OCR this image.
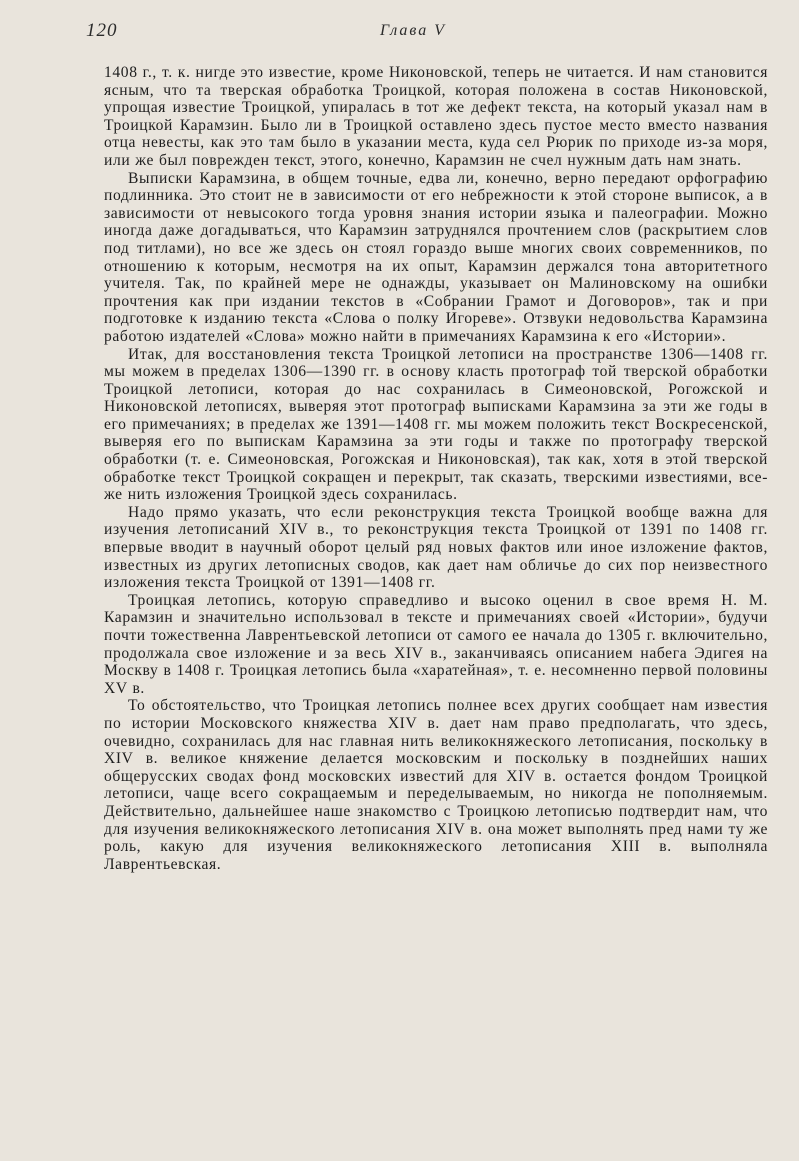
120	Глава V

1408 г., т. к. нигде это известие, кроме Никоновской, теперь не читается. И нам становится ясным, что та тверская обработка Троицкой, которая положена в состав Никоновской, упрощая известие Троицкой, упиралась в тот же дефект текста, на который указал нам в Троицкой Карамзин. Было ли в Троицкой оставлено здесь пустое место вместо названия отца невесты, как это там было в указании места, куда сел Рюрик по приходе из-за моря, или же был поврежден текст, этого, конечно, Карамзин не счел нужным дать нам знать.

Выписки Карамзина, в общем точные, едва ли, конечно, верно передают орфографию подлинника. Это стоит не в зависимости от его небрежности к этой стороне выписок, а в зависимости от невысокого тогда уровня знания истории языка и палеографии. Можно иногда даже догадываться, что Карамзин затруднялся прочтением слов (раскрытием слов под титлами), но все же здесь он стоял гораздо выше многих своих современников, по отношению к которым, несмотря на их опыт, Карамзин держался тона авторитетного учителя. Так, по крайней мере не однажды, указывает он Малиновскому на ошибки прочтения как при издании текстов в «Собрании Грамот и Договоров», так и при подготовке к изданию текста «Слова о полку Игореве». Отзвуки недовольства Карамзина работою издателей «Слова» можно найти в примечаниях Карамзина к его «Истории».

Итак, для восстановления текста Троицкой летописи на пространстве 1306—1408 гг. мы можем в пределах 1306—1390 гг. в основу класть протограф той тверской обработки Троицкой летописи, которая до нас сохранилась в Симеоновской, Рогожской и Никоновской летописях, выверяя этот протограф выписками Карамзина за эти же годы в его примечаниях; в пределах же 1391—1408 гг. мы можем положить текст Воскресенской, выверяя его по выпискам Карамзина за эти годы и также по протографу тверской обработки (т. е. Симеоновская, Рогожская и Никоновская), так как, хотя в этой тверской обработке текст Троицкой сокращен и перекрыт, так сказать, тверскими известиями, все-же нить изложения Троицкой здесь сохранилась.

Надо прямо указать, что если реконструкция текста Троицкой вообще важна для изучения летописаний XIV в., то реконструкция текста Троицкой от 1391 по 1408 гг. впервые вводит в научный оборот целый ряд новых фактов или иное изложение фактов, известных из других летописных сводов, как дает нам обличье до сих пор неизвестного изложения текста Троицкой от 1391—1408 гг.

Троицкая летопись, которую справедливо и высоко оценил в свое время Н. М. Карамзин и значительно использовал в тексте и примечаниях своей «Истории», будучи почти тожественна Лаврентьевской летописи от самого ее начала до 1305 г. включительно, продолжала свое изложение и за весь XIV в., заканчиваясь описанием набега Эдигея на Москву в 1408 г. Троицкая летопись была «харатейная», т. е. несомненно первой половины XV в.

То обстоятельство, что Троицкая летопись полнее всех других сообщает нам известия по истории Московского княжества XIV в. дает нам право предполагать, что здесь, очевидно, сохранилась для нас главная нить великокняжеского летописания, поскольку в XIV в. великое княжение делается московским и поскольку в позднейших наших общерусских сводах фонд московских известий для XIV в. остается фондом Троицкой летописи, чаще всего сокращаемым и переделываемым, но никогда не пополняемым. Действительно, дальнейшее наше знакомство с Троицкою летописью подтвердит нам, что для изучения великокняжеского летописания XIV в. она может выполнять пред нами ту же роль, какую для изучения великокняжеского летописания XIII в. выполняла Лаврентьевская.
